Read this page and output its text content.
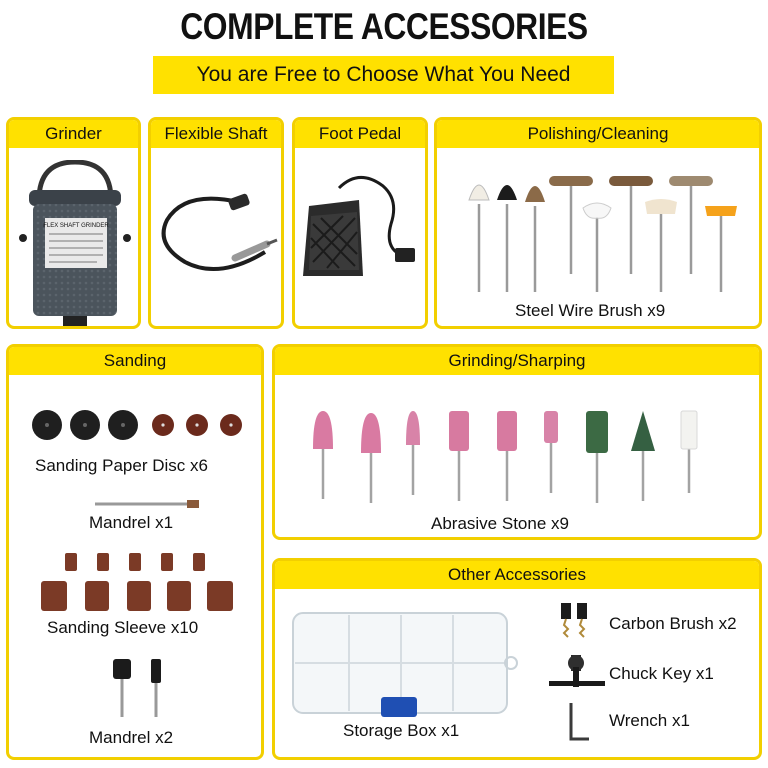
COMPLETE ACCESSORIES
You are Free to Choose What You Need
Grinder
FLEX SHAFT GRINDER
Flexible Shaft	Foot Pedal	Polishing/Cleaning
Steel Wire Brush x9
Sanding
Sanding Paper Disc x6
Mandrel x1
Sanding Sleeve x10
Mandrel x2
Grinding/Sharping
Abrasive Stone x9
Other Accessories
Storage Box x1
Carbon Brush x2
Chuck Key x1
Wrench x1
